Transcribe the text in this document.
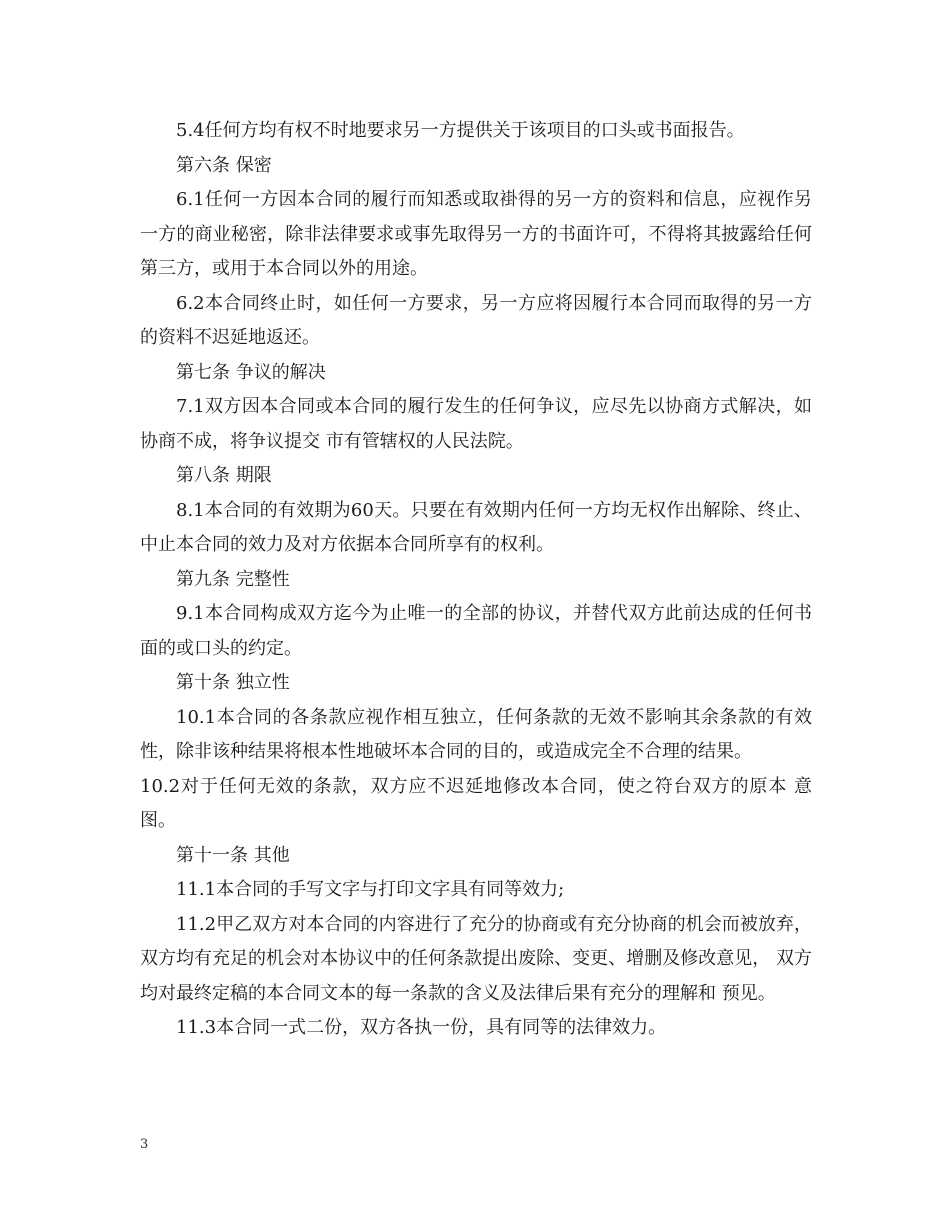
5.4任何方均有权不时地要求另一方提供关于该项目的口头或书面报告。

第六条 保密

6.1任何一方因本合同的履行而知悉或取褂得的另一方的资料和信息，应视作另一方的商业秘密，除非法律要求或事先取得另一方的书面许可，不得将其披露给任何第三方，或用于本合同以外的用途。

6.2本合同终止时，如任何一方要求，另一方应将因履行本合同而取得的另一方的资料不迟延地返还。

第七条 争议的解决

7.1双方因本合同或本合同的履行发生的任何争议，应尽先以协商方式解决，如协商不成，将争议提交 市有管辖权的人民法院。

第八条 期限

8.1本合同的有效期为60天。只要在有效期内任何一方均无权作出解除、终止、中止本合同的效力及对方依据本合同所享有的权利。

第九条 完整性

9.1本合同构成双方迄今为止唯一的全部的协议，并替代双方此前达成的任何书 面的或口头的约定。

第十条 独立性

10.1本合同的各条款应视作相互独立，任何条款的无效不影响其余条款的有效 性，除非该种结果将根本性地破坏本合同的目的，或造成完全不合理的结果。

10.2对于任何无效的条款，双方应不迟延地修改本合同，使之符台双方的原本 意图。

第十一条 其他

11.1本合同的手写文字与打印文字具有同等效力;

11.2甲乙双方对本合同的内容进行了充分的协商或有充分协商的机会而被放弃， 双方均有充足的机会对本协议中的任何条款提出废除、变更、增删及修改意见， 双方均对最终定稿的本合同文本的每一条款的含义及法律后果有充分的理解和 预见。

11.3本合同一式二份，双方各执一份，具有同等的法律效力。

3
